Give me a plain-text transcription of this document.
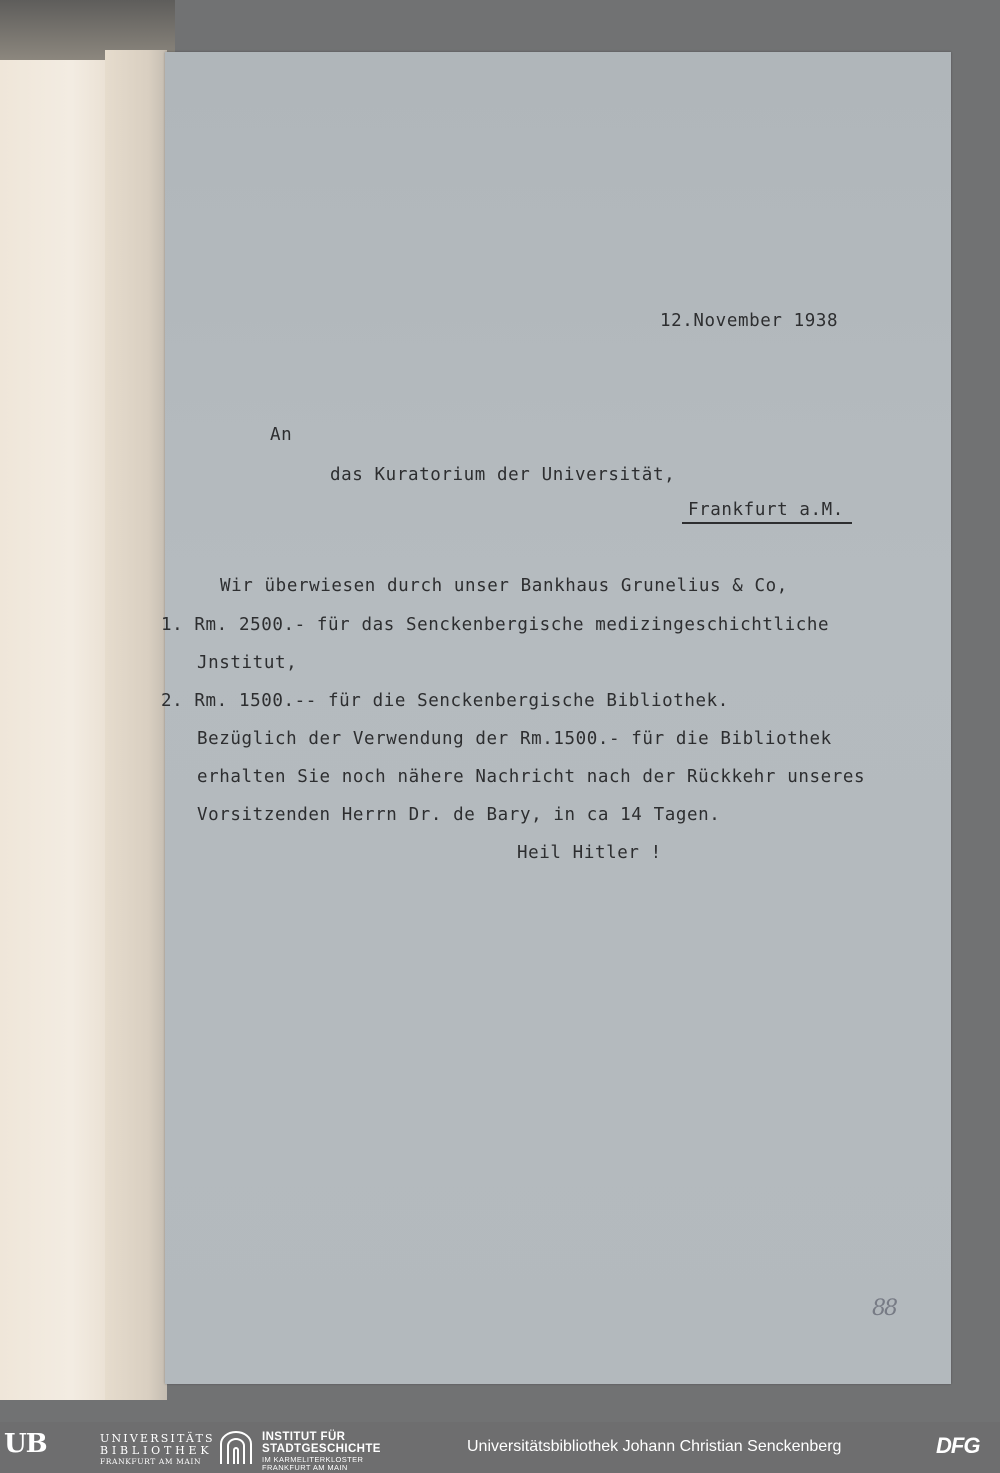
12.November 1938
An
das Kuratorium der Universität,
Frankfurt a.M.
Wir überwiesen durch unser Bankhaus Grunelius & Co,
1. Rm. 2500.- für das Senckenbergische medizingeschichtliche
Jnstitut,
2. Rm. 1500.-- für die Senckenbergische Bibliothek.
Bezüglich der Verwendung der Rm.1500.- für die Bibliothek
erhalten Sie noch nähere Nachricht nach der Rückkehr unseres
Vorsitzenden Herrn Dr. de Bary, in ca 14 Tagen.
Heil Hitler !
88
UB	UNIVERSITÄTS
BIBLIOTHEK
FRANKFURT AM MAIN
INSTITUT FÜR
STADTGESCHICHTE
IM KARMELITERKLOSTER
FRANKFURT AM MAIN
Universitätsbibliothek Johann Christian Senckenberg	DFG
